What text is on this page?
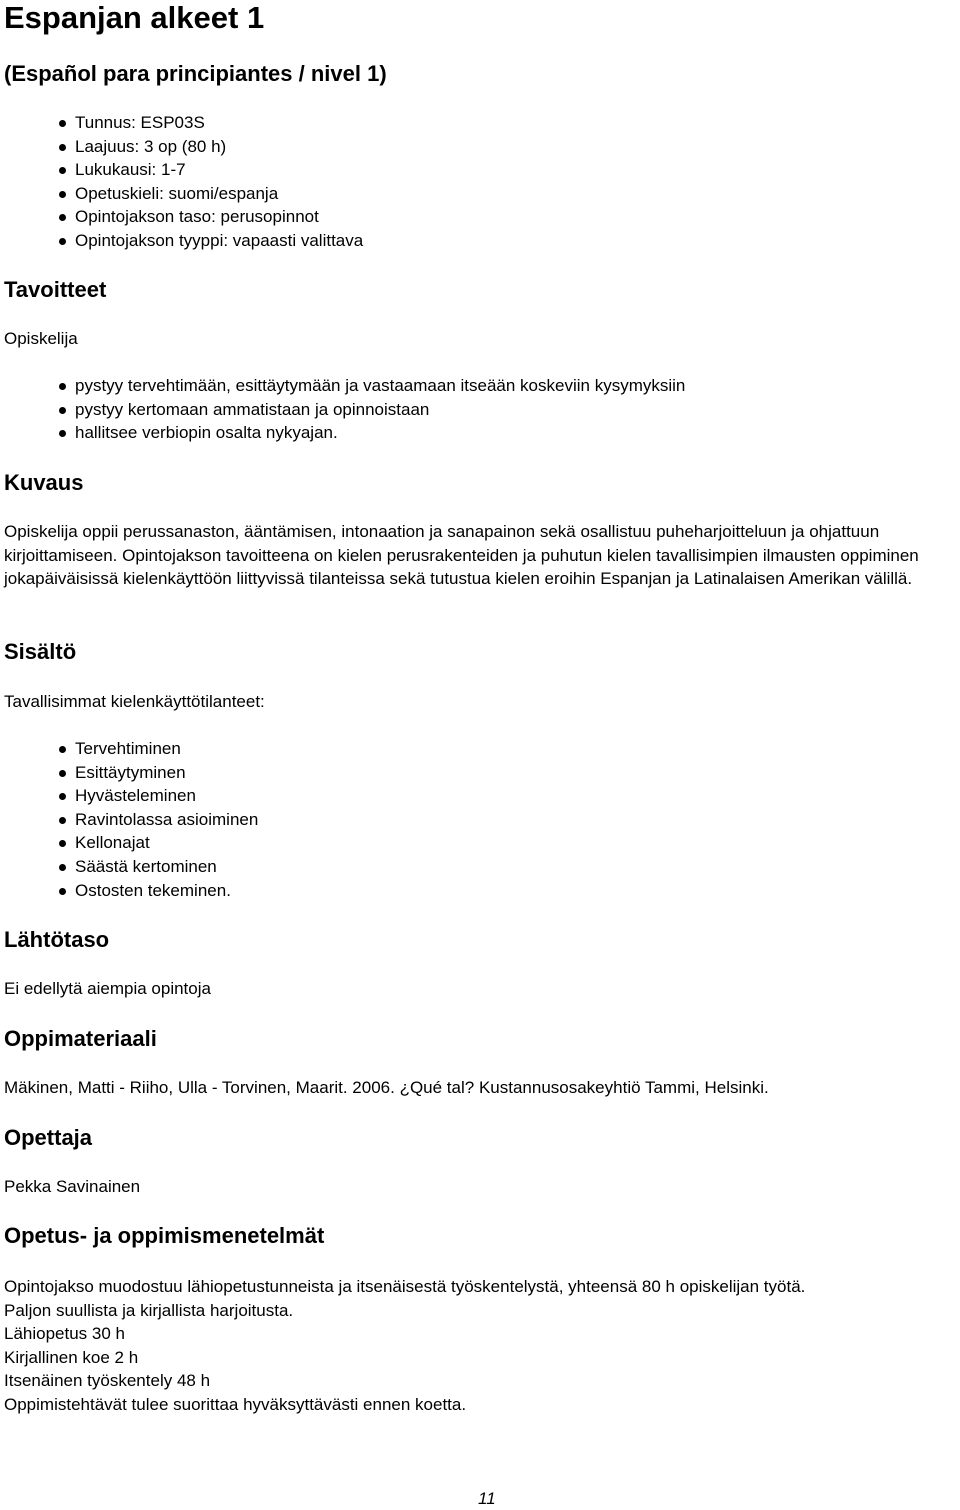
Espanjan alkeet 1
(Español para principiantes / nivel 1)
Tunnus: ESP03S
Laajuus: 3 op (80 h)
Lukukausi: 1-7
Opetuskieli: suomi/espanja
Opintojakson taso: perusopinnot
Opintojakson tyyppi: vapaasti valittava
Tavoitteet

Opiskelija

pystyy tervehtimään, esittäytymään ja vastaamaan itseään koskeviin kysymyksiin
pystyy kertomaan ammatistaan ja opinnoistaan
hallitsee verbiopin osalta nykyajan.
Kuvaus

Opiskelija oppii perussanaston, ääntämisen, intonaation ja sanapainon sekä osallistuu puheharjoitteluun ja ohjattuun kirjoittamiseen. Opintojakson tavoitteena on kielen perusrakenteiden ja puhutun kielen tavallisimpien ilmausten oppiminen jokapäiväisissä kielenkäyttöön liittyvissä tilanteissa sekä tutustua kielen eroihin Espanjan ja Latinalaisen Amerikan välillä.

Sisältö

Tavallisimmat kielenkäyttötilanteet:

Tervehtiminen
Esittäytyminen
Hyvästeleminen
Ravintolassa asioiminen
Kellonajat
Säästä kertominen
Ostosten tekeminen.
Lähtötaso

Ei edellytä aiempia opintoja

Oppimateriaali

Mäkinen, Matti - Riiho, Ulla - Torvinen, Maarit. 2006. ¿Qué tal? Kustannusosakeyhtiö Tammi, Helsinki.

Opettaja

Pekka Savinainen

Opetus- ja oppimismenetelmät
Opintojakso muodostuu lähiopetustunneista ja itsenäisestä työskentelystä, yhteensä 80 h opiskelijan työtä.
Paljon suullista ja kirjallista harjoitusta.
Lähiopetus 30 h
Kirjallinen koe 2 h
Itsenäinen työskentely 48 h
Oppimistehtävät tulee suorittaa hyväksyttävästi ennen koetta.
11
